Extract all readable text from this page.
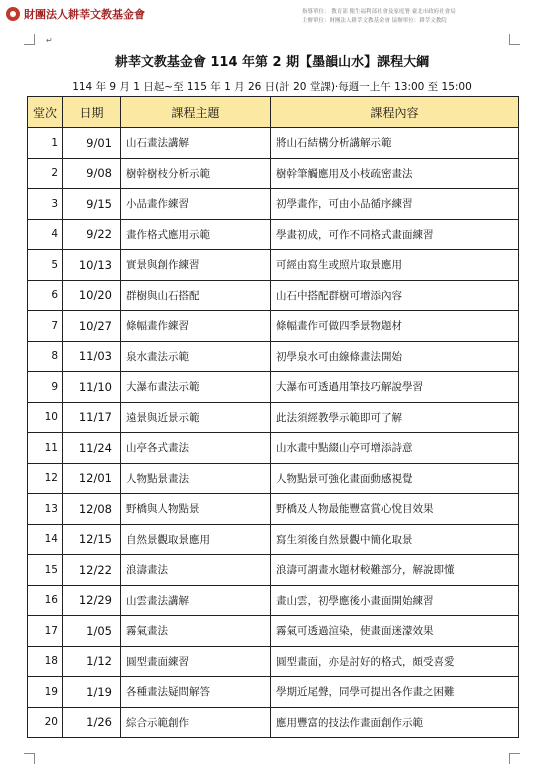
財團法人耕莘文教基金會	指導單位： 教育部 衛生福利部社會及家庭署 臺北市政府社會局
主辦單位：財團法人耕莘文教基金會 協辦單位：耕莘文教院
↵
耕莘文教基金會 114 年第 2 期【墨韻山水】課程大綱
114 年 9 月 1 日起~至 115 年 1 月 26 日(計 20 堂課)‧每週一上午 13:00 至 15:00
堂次	日期	課程主題	課程內容
1	9/01	山石畫法講解	將山石結構分析講解示範
2	9/08	樹幹樹枝分析示範	樹幹筆觸應用及小枝疏密畫法
3	9/15	小品畫作練習	初學畫作，可由小品循序練習
4	9/22	畫作格式應用示範	學畫初成，可作不同格式畫面練習
5	10/13	實景與創作練習	可經由寫生或照片取景應用
6	10/20	群樹與山石搭配	山石中搭配群樹可增添內容
7	10/27	條幅畫作練習	條幅畫作可做四季景物題材
8	11/03	泉水畫法示範	初學泉水可由線條畫法開始
9	11/10	大瀑布畫法示範	大瀑布可透過用筆技巧解說學習
10	11/17	遠景與近景示範	此法須經教學示範即可了解
11	11/24	山亭各式畫法	山水畫中點綴山亭可增添詩意
12	12/01	人物點景畫法	人物點景可強化畫面動感視覺
13	12/08	野橋與人物點景	野橋及人物最能豐富賞心悅目效果
14	12/15	自然景觀取景應用	寫生須後自然景觀中簡化取景
15	12/22	浪濤畫法	浪濤可謂畫水題材較難部分，解說即懂
16	12/29	山雲畫法講解	畫山雲，初學應後小畫面開始練習
17	1/05	霧氣畫法	霧氣可透過渲染，使畫面迷濛效果
18	1/12	圓型畫面練習	圓型畫面，亦是討好的格式，頗受喜愛
19	1/19	各種畫法疑問解答	學期近尾聲，同學可提出各作畫之困難
20	1/26	綜合示範創作	應用豐富的技法作畫面創作示範
